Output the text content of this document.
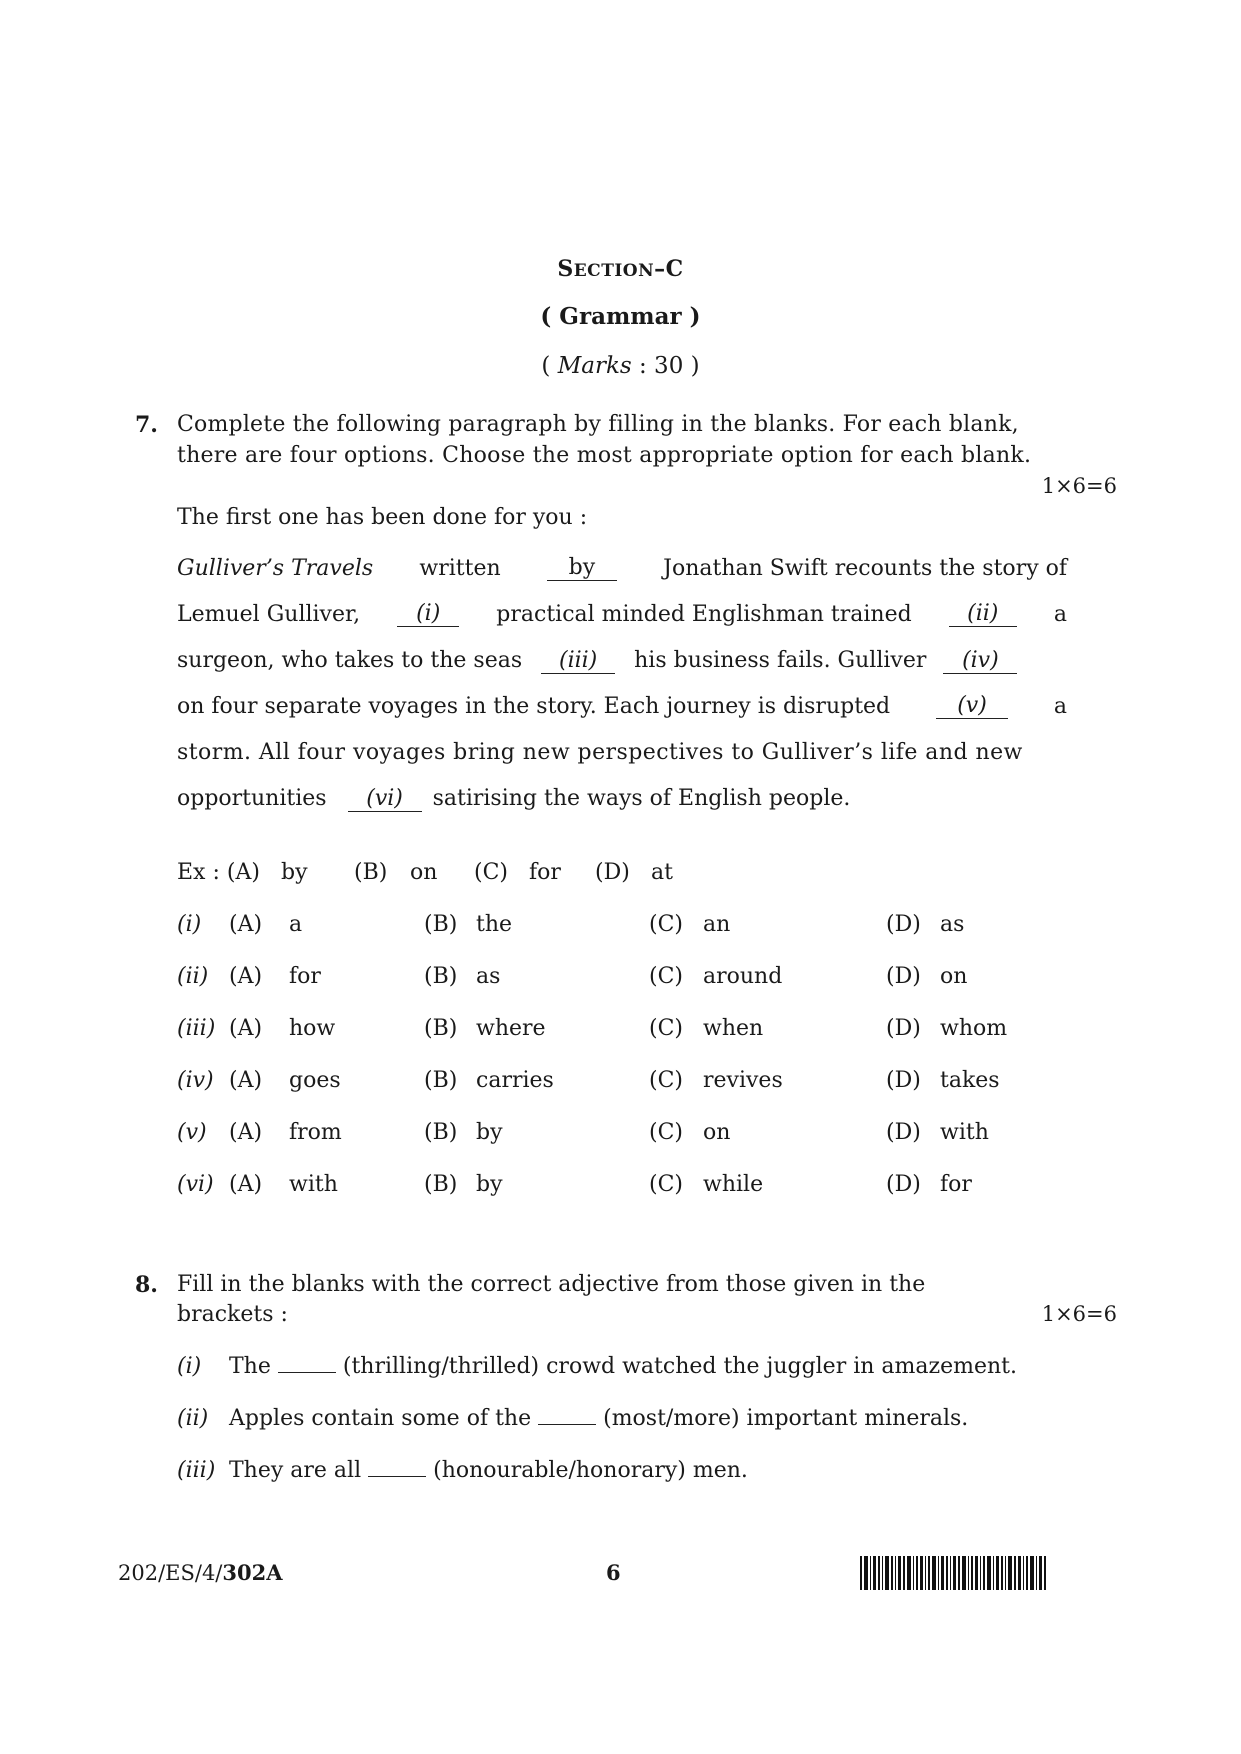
SECTION–C
( Grammar )
( Marks : 30 )
7. Complete the following paragraph by filling in the blanks. For each blank,
there are four options. Choose the most appropriate option for each blank.
1×6=6
The first one has been done for you :
Gulliver’s Travels written	by	Jonathan Swift recounts the story of
Lemuel Gulliver,	(i)	practical minded Englishman trained	(ii)	a
surgeon, who takes to the seas (iii) his business fails. Gulliver (iv)
on four separate voyages in the story. Each journey is disrupted	(v)	a
storm. All four voyages bring new perspectives to Gulliver’s life and new
opportunities (vi) satirising the ways of English people.
Ex : (A) by (B) on (C) for (D) at
(i) (A) a	(B) the	(C) an	(D) as
(ii) (A) for	(B) as	(C) around	(D) on
(iii) (A) how	(B) where	(C) when	(D) whom
(iv) (A) goes	(B) carries	(C) revives	(D) takes
(v) (A) from	(B) by	(C) on	(D) with
(vi) (A) with	(B) by	(C) while	(D) for
8. Fill in the blanks with the correct adjective from those given in the
brackets :	1×6=6
(i) The	(thrilling/thrilled) crowd watched the juggler in amazement.
(ii) Apples contain some of the	(most/more) important minerals.
(iii) They are all	(honourable/honorary) men.
202/ES/4/302A	6
